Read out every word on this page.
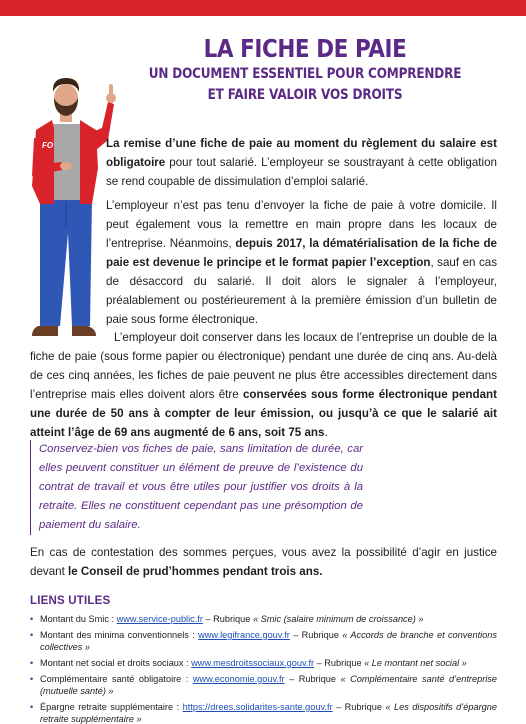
LA FICHE DE PAIE
UN DOCUMENT ESSENTIEL POUR COMPRENDRE
ET FAIRE VALOIR VOS DROITS
FO	La remise d’une fiche de paie au moment du règlement du salaire est obligatoire pour tout salarié. L’employeur se soustrayant à cette obligation se rend coupable de dissimulation d’emploi salarié.

L’employeur n’est pas tenu d’envoyer la fiche de paie à votre domicile. Il peut également vous la remettre en main propre dans les locaux de l’entreprise. Néanmoins, depuis 2017, la dématérialisation de la fiche de paie est devenue le principe et le format papier l’exception, sauf en cas de désaccord du salarié. Il doit alors le signaler à l’employeur, préalablement ou postérieurement à la première émission d’un bulletin de paie sous forme électronique.

L’employeur doit conserver dans les locaux de l’entreprise un double de la fiche de paie (sous forme papier ou électronique) pendant une durée de cinq ans. Au-delà de ces cinq années, les fiches de paie peuvent ne plus être accessibles directement dans l’entreprise mais elles doivent alors être conservées sous forme électronique pendant une durée de 50 ans à compter de leur émission, ou jusqu’à ce que le salarié ait atteint l’âge de 69 ans augmenté de 6 ans, soit 75 ans.

Conservez-bien vos fiches de paie, sans limitation de durée, car elles peuvent constituer un élément de preuve de l’existence du contrat de travail et vous être utiles pour justifier vos droits à la retraite. Elles ne constituent cependant pas une présomption de paiement du salaire.

En cas de contestation des sommes perçues, vous avez la possibilité d’agir en justice devant le Conseil de prud’hommes pendant trois ans.

LIENS UTILES
• Montant du Smic : www.service-public.fr – Rubrique « Smic (salaire minimum de croissance) »
• Montant des minima conventionnels : www.legifrance.gouv.fr – Rubrique « Accords de branche et conventions collectives »
• Montant net social et droits sociaux : www.mesdroitssociaux.gouv.fr – Rubrique « Le montant net social »
• Complémentaire santé obligatoire : www.economie.gouv.fr – Rubrique « Complémentaire santé d’entreprise (mutuelle santé) »
• Épargne retraite supplémentaire : https://drees.solidarites-sante.gouv.fr – Rubrique « Les dispositifs d’épargne retraite supplémentaire »
